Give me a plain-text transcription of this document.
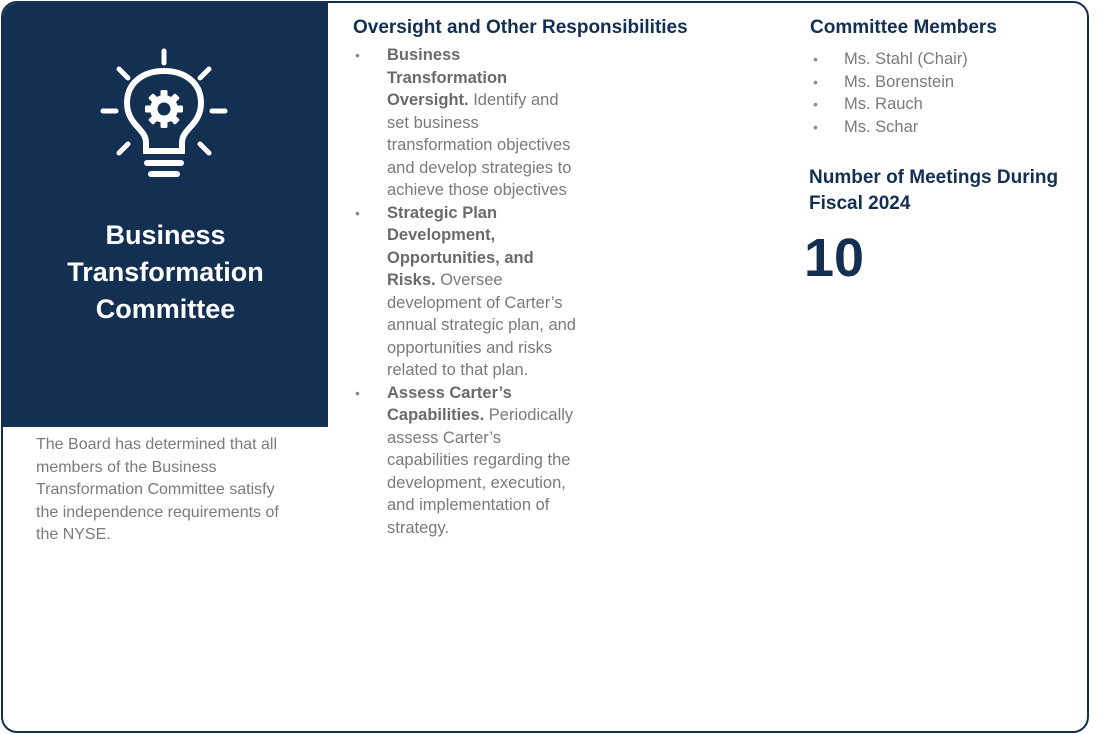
Business
Transformation
Committee
The Board has determined that all members of the Business Transformation Committee satisfy the independence requirements of the NYSE.
Oversight and Other Responsibilities
•	Business Transformation Oversight. Identify and set business transformation objectives and develop strategies to achieve those objectives
•	Strategic Plan Development, Opportunities, and Risks. Oversee development of Carter’s annual strategic plan, and opportunities and risks related to that plan.
•	Assess Carter’s Capabilities. Periodically assess Carter’s capabilities regarding the development, execution, and implementation of strategy.
Committee Members
•	Ms. Stahl (Chair)
•	Ms. Borenstein
•	Ms. Rauch
•	Ms. Schar
Number of Meetings During Fiscal 2024
10
